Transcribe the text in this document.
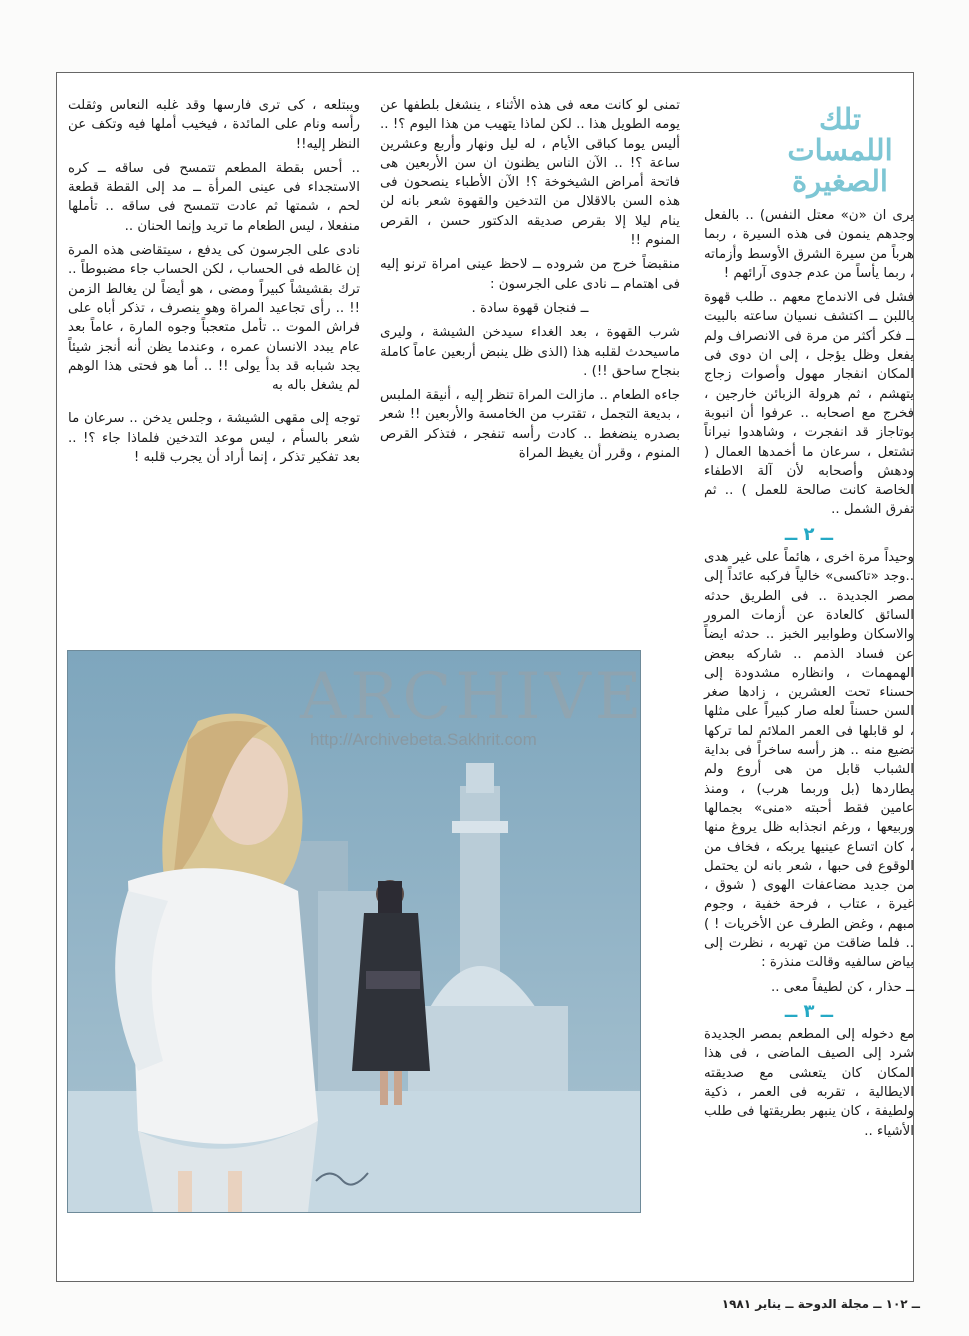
تلك
اللمسات
الصغيرة

يرى ان «ن» معتل النفس) .. بالفعل وجدهم ينمون فى هذه السيرة ، ربما هرباً من سيرة الشرق الأوسط وأزماته ، ربما يأساً من عدم جدوى آرائهم !

فشل فى الاندماج معهم .. طلب قهوة باللبن ــ اكتشف نسيان ساعته بالبيت ــ فكر أكثر من مرة فى الانصراف ولم يفعل وظل يؤجل ، إلى ان دوى فى المكان انفجار مهول وأصوات زجاج يتهشم ، ثم هرولة الزبائن خارجين ، فخرج مع اصحابه .. عرفوا أن انبوبة بوتاجاز قد انفجرت ، وشاهدوا نيراناً تشتعل ، سرعان ما أخمدها العمال ( ودهش وأصحابه لأن آلة الاطفاء الخاصة كانت صالحة للعمل ) .. ثم تفرق الشمل ..

ــ ٢ ــ

وحيداً مرة اخرى ، هائماً على غير هدى ..وجد «تاكسى» خالياً فركبه عائداً إلى مصر الجديدة .. فى الطريق حدثه السائق كالعادة عن أزمات المرور والاسكان وطوابير الخبز .. حدثه ايضاً عن فساد الذمم .. شاركه ببعض الهمهمات ، وانظاره مشدودة إلى حسناء تحت العشرين ، زادها صغر السن حسناً لعله صار كبيراً على مثلها ، لو قابلها فى العمر الملائم لما تركها تضيع منه .. هز رأسه ساخراً فى بداية الشباب قابل من هى أروع ولم يطاردها (بل وربما هرب) ، ومنذ عامين فقط أحبته «منى» بجمالها وربيعها ، ورغم انجذابه ظل يروغ منها ، كان اتساع عينيها يربكه ، فخاف من الوقوع فى حبها ، شعر بانه لن يحتمل من جديد مضاعفات الهوى ( شوق ، غيرة ، عتاب ، فرحة خفية ، وجوم مبهم ، وغض الطرف عن الأخريات ! ) .. فلما ضاقت من تهربه ، نظرت إلى بياض سالفيه وقالت منذرة :

ــ حذار ، كن لطيفاً معى ..

ــ ٣ ــ

مع دخوله إلى المطعم بمصر الجديدة شرد إلى الصيف الماضى ، فى هذا المكان كان يتعشى مع صديقته الايطالية ، تقربه فى العمر ، ذكية ولطيفة ، كان ينبهر بطريقتها فى طلب الأشياء ..

تمنى لو كانت معه فى هذه الأثناء ، ينشغل بلطفها عن يومه الطويل هذا .. لكن لماذا يتهيب من هذا اليوم ؟! .. أليس يوما كباقى الأيام ، له ليل ونهار وأربع وعشرين ساعة ؟! .. الآن الناس يظنون ان سن الأربعين هى فاتحة أمراض الشيخوخة ؟! الآن الأطباء ينصحون فى هذه السن بالاقلال من التدخين والقهوة شعر بانه لن ينام ليلا إلا بقرص صديقه الدكتور حسن ، القرص المنوم !!

منقبضاً خرج من شروده ــ لاحظ عينى امراة ترنو إليه فى اهتمام ــ نادى على الجرسون :

ــ فنجان قهوة سادة .

شرب القهوة ، بعد الغداء سيدخن الشيشة ، وليرى ماسيحدث لقلبه هذا (الذى ظل ينبض أربعين عاماً كاملة بنجاح ساحق !!) .

جاءه الطعام .. مازالت المراة تنظر إليه ، أنيقة الملبس ، بديعة التجمل ، تقترب من الخامسة والأربعين !! شعر بصدره ينضغط .. كادت رأسه تنفجر ، فتذكر القرص المنوم ، وقرر أن يغيظ المراة

ويبتلعه ، كى ترى فارسها وقد غلبه النعاس وثقلت رأسه ونام على المائدة ، فيخيب أملها فيه وتكف عن النظر إليه!!

.. أحس بقطة المطعم تتمسح فى ساقه ــ كره الاستجداء فى عينى المرأة ــ مد إلى القطة قطعة لحم ، شمتها ثم عادت تتمسح فى ساقه .. تأملها منفعلا ، ليس الطعام ما تريد وإنما الحنان ..

نادى على الجرسون كى يدفع ، سيتقاضى هذه المرة إن غالطه فى الحساب ، لكن الحساب جاء مضبوطاً .. ترك بقشيشاً كبيراً ومضى ، هو أيضاً لن يغالط الزمن !! .. رأى تجاعيد المراة وهو ينصرف ، تذكر أباه على فراش الموت .. تأمل متعجباً وجوه المارة ، عاماً بعد عام يبدد الانسان عمره ، وعندما يظن أنه أنجز شيئاً يجد شبابه قد بدأ يولى !! .. أما هو فحتى هذا الوهم لم يشغل باله به

توجه إلى مقهى الشيشة ، وجلس يدخن .. سرعان ما شعر بالسأم ، ليس موعد التدخين فلماذا جاء ؟! .. بعد تفكير تذكر ، إنما أراد أن يجرب قلبه !

ARCHIVE
http://Archivebeta.Sakhrit.com
ــ ١٠٢ ــ مجلة الدوحة ــ يناير ١٩٨١
